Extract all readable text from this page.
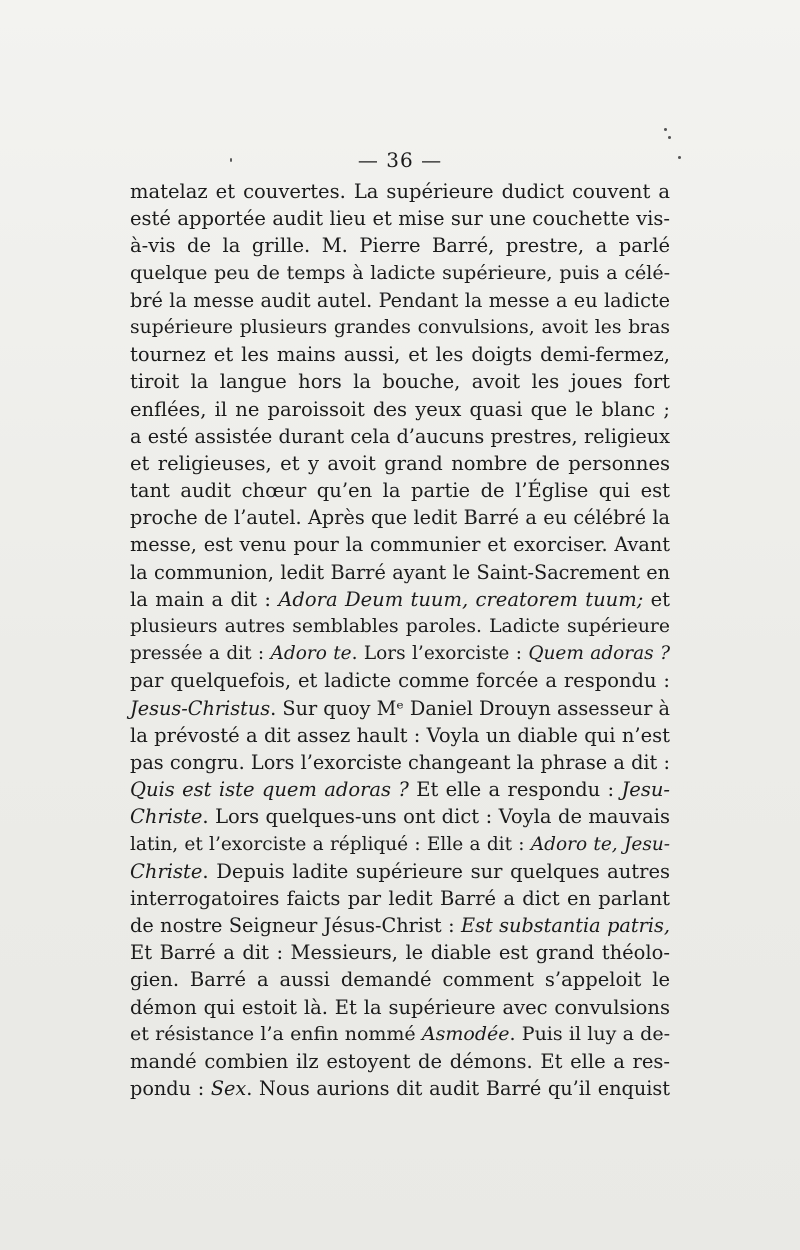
— 36 —
matelaz et couvertes. La supérieure dudict couvent a
esté apportée audit lieu et mise sur une couchette vis-
à-vis de la grille. M. Pierre Barré, prestre, a parlé
quelque peu de temps à ladicte supérieure, puis a célé-
bré la messe audit autel. Pendant la messe a eu ladicte
supérieure plusieurs grandes convulsions, avoit les bras
tournez et les mains aussi, et les doigts demi-fermez,
tiroit la langue hors la bouche, avoit les joues fort
enflées, il ne paroissoit des yeux quasi que le blanc ;
a esté assistée durant cela d’aucuns prestres, religieux
et religieuses, et y avoit grand nombre de personnes
tant audit chœur qu’en la partie de l’Église qui est
proche de l’autel. Après que ledit Barré a eu célébré la
messe, est venu pour la communier et exorciser. Avant
la communion, ledit Barré ayant le Saint-Sacrement en
la main a dit : Adora Deum tuum, creatorem tuum; et
plusieurs autres semblables paroles. Ladicte supérieure
pressée a dit : Adoro te. Lors l’exorciste : Quem adoras ?
par quelquefois, et ladicte comme forcée a respondu :
Jesus-Christus. Sur quoy Mᵉ Daniel Drouyn assesseur à
la prévosté a dit assez hault : Voyla un diable qui n’est
pas congru. Lors l’exorciste changeant la phrase a dit :
Quis est iste quem adoras ? Et elle a respondu : Jesu-
Christe. Lors quelques-uns ont dict : Voyla de mauvais
latin, et l’exorciste a répliqué : Elle a dit : Adoro te, Jesu-
Christe. Depuis ladite supérieure sur quelques autres
interrogatoires faicts par ledit Barré a dict en parlant
de nostre Seigneur Jésus-Christ : Est substantia patris,
Et Barré a dit : Messieurs, le diable est grand théolo-
gien. Barré a aussi demandé comment s’appeloit le
démon qui estoit là. Et la supérieure avec convulsions
et résistance l’a enfin nommé Asmodée. Puis il luy a de-
mandé combien ilz estoyent de démons. Et elle a res-
pondu : Sex. Nous aurions dit audit Barré qu’il enquist
